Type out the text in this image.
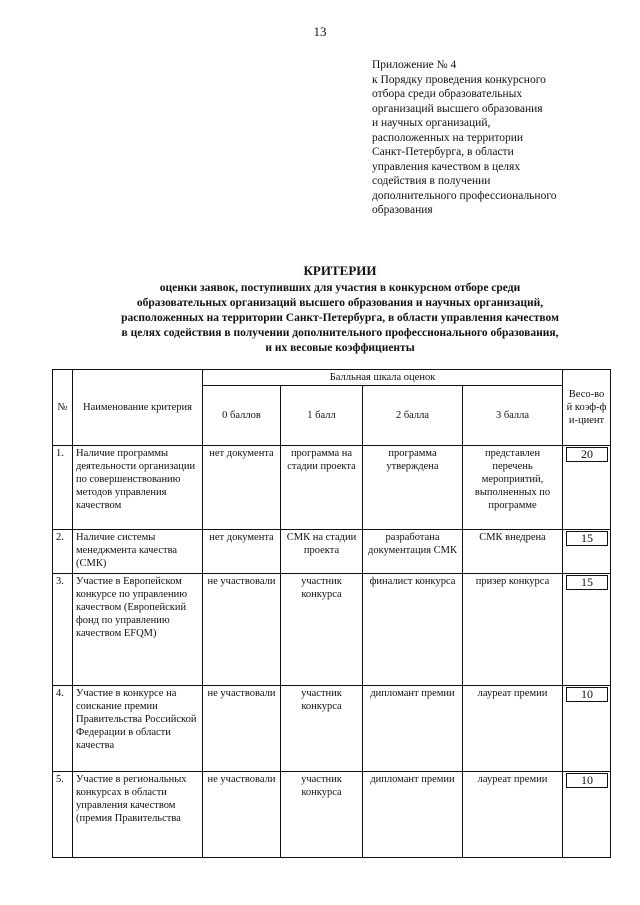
13
Приложение № 4
к Порядку проведения конкурсного
отбора среди образовательных
организаций высшего образования
и научных организаций,
расположенных на территории
Санкт-Петербурга, в области
управления качеством в целях
содействия в получении
дополнительного профессионального
образования
КРИТЕРИИ
оценки заявок, поступивших для участия в конкурсном отборе среди
образовательных организаций высшего образования и научных организаций,
расположенных на территории Санкт-Петербурга, в области управления качеством
в целях содействия в получении дополнительного профессионального образования,
и их весовые коэффициенты
№	Наименование критерия	Балльная шкала оценок				Весо-вой коэф-фи-циент
		0 баллов	1 балл	2 балла	3 балла	
1.	Наличие программы деятельности организации по совершенствованию методов управления качеством	нет документа	программа на стадии проекта	программа утверждена	представлен перечень мероприятий, выполненных по программе	20
2.	Наличие системы менеджмента качества (СМК)	нет документа	СМК на стадии проекта	разработана документация СМК	СМК внедрена	15
3.	Участие в Европейском конкурсе по управлению качеством (Европейский фонд по управлению качеством EFQM)	не участвовали	участник конкурса	финалист конкурса	призер конкурса	15
4.	Участие в конкурсе на соискание премии Правительства Российской Федерации в области качества	не участвовали	участник конкурса	дипломант премии	лауреат премии	10
5.	Участие в региональных конкурсах в области управления качеством (премия Правительства	не участвовали	участник конкурса	дипломант премии	лауреат премии	10
